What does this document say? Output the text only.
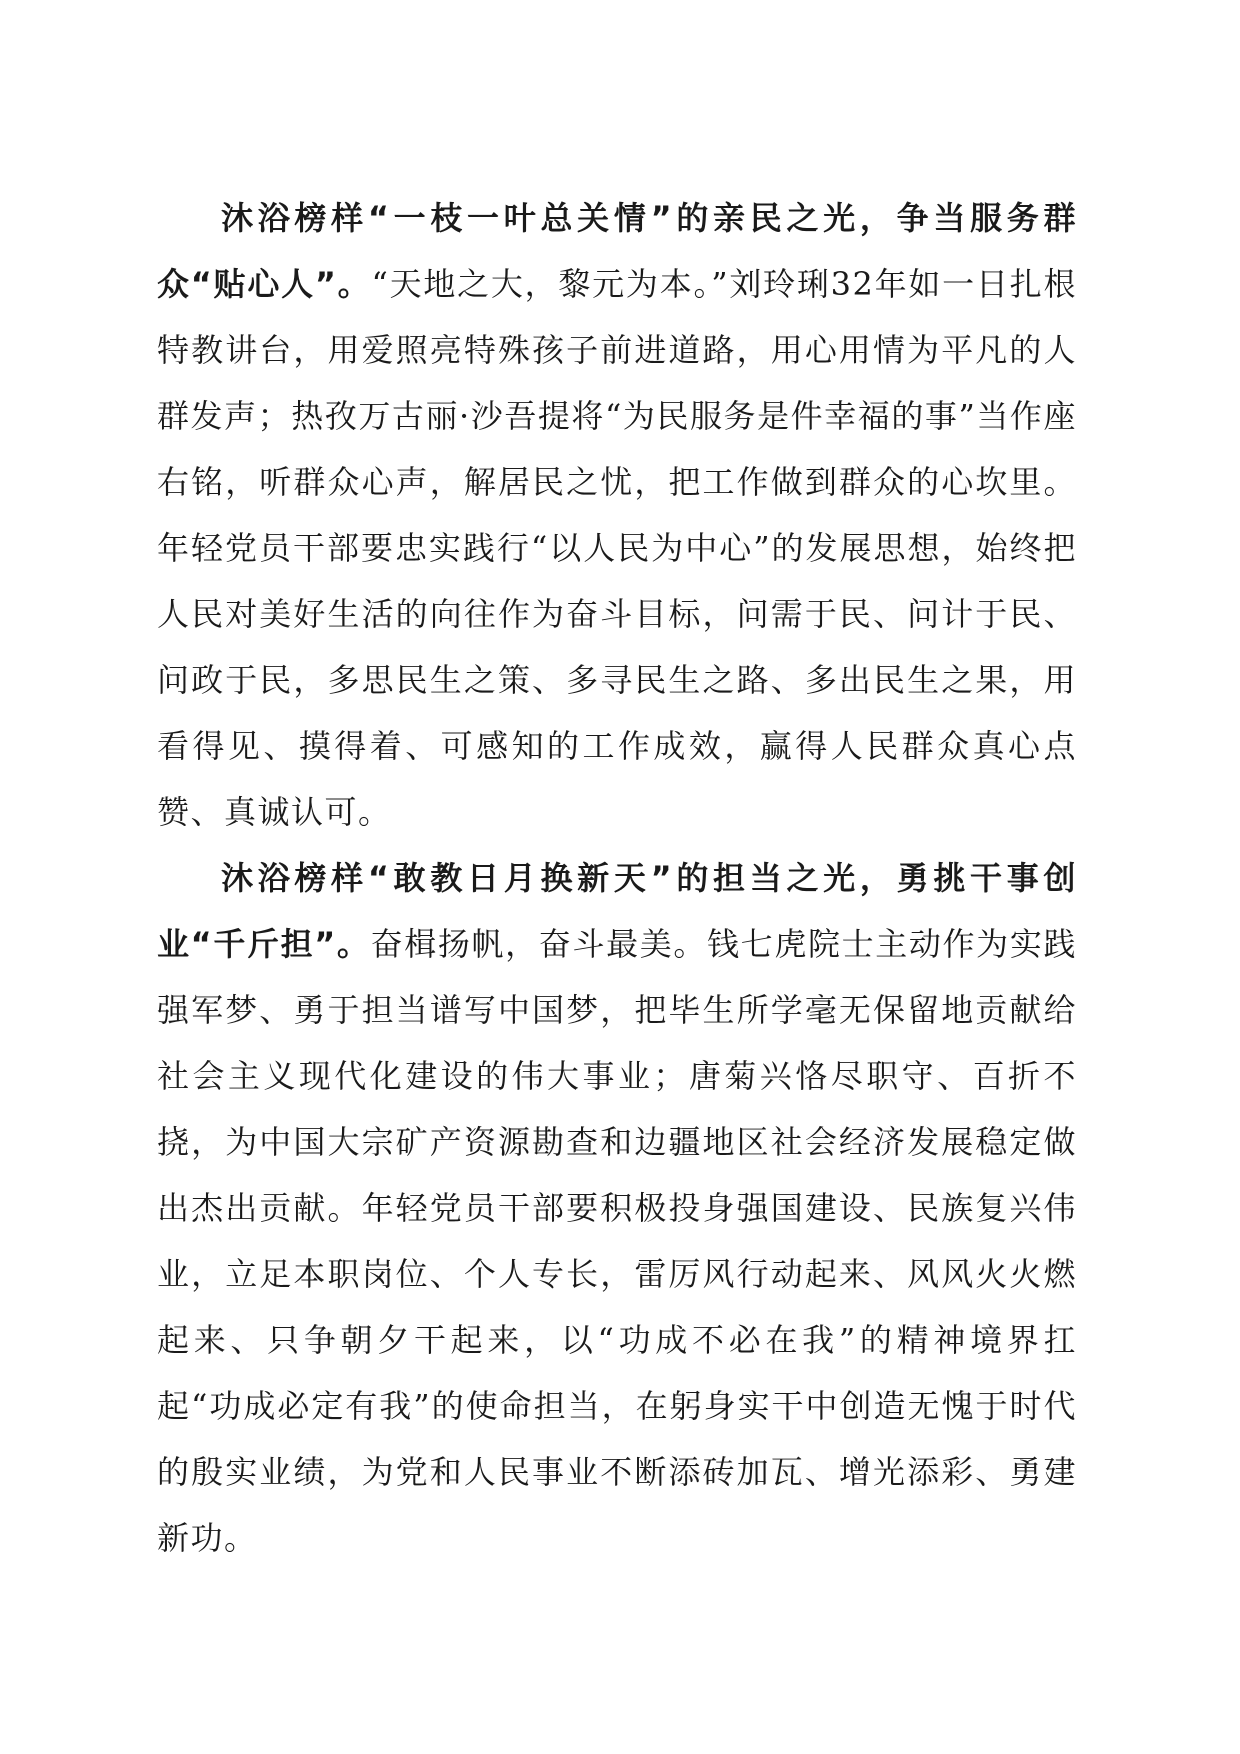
沐浴榜样“一枝一叶总关情”的亲民之光，争当服务群众“贴心人”。“天地之大，黎元为本。”刘玲琍32年如一日扎根特教讲台，用爱照亮特殊孩子前进道路，用心用情为平凡的人群发声；热孜万古丽·沙吾提将“为民服务是件幸福的事”当作座右铭，听群众心声，解居民之忧，把工作做到群众的心坎里。年轻党员干部要忠实践行“以人民为中心”的发展思想，始终把人民对美好生活的向往作为奋斗目标，问需于民、问计于民、问政于民，多思民生之策、多寻民生之路、多出民生之果，用看得见、摸得着、可感知的工作成效，赢得人民群众真心点赞、真诚认可。

沐浴榜样“敢教日月换新天”的担当之光，勇挑干事创业“千斤担”。奋楫扬帆，奋斗最美。钱七虎院士主动作为实践强军梦、勇于担当谱写中国梦，把毕生所学毫无保留地贡献给社会主义现代化建设的伟大事业；唐菊兴恪尽职守、百折不挠，为中国大宗矿产资源勘查和边疆地区社会经济发展稳定做出杰出贡献。年轻党员干部要积极投身强国建设、民族复兴伟业，立足本职岗位、个人专长，雷厉风行动起来、风风火火燃起来、只争朝夕干起来，以“功成不必在我”的精神境界扛起“功成必定有我”的使命担当，在躬身实干中创造无愧于时代的殷实业绩，为党和人民事业不断添砖加瓦、增光添彩、勇建新功。
